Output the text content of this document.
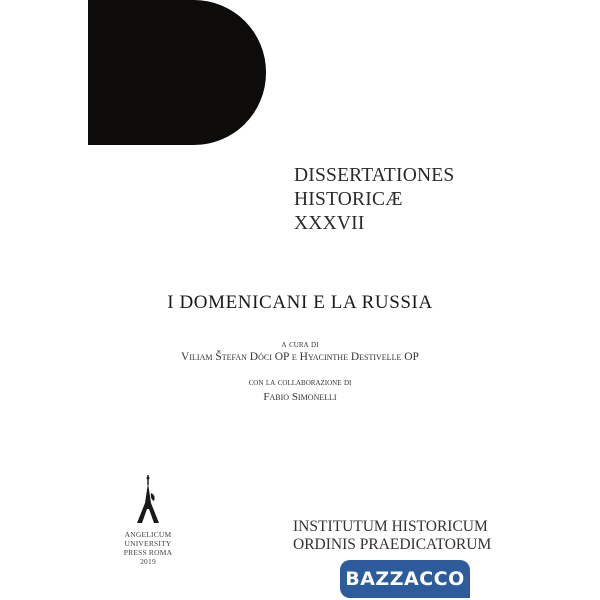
DISSERTATIONES
HISTORICÆ
XXXVII
I DOMENICANI E LA RUSSIA
a cura di
Viliam Štefan Dóci OP e Hyacinthe Destivelle OP
con la collaborazione di
Fabio Simonelli
ANGELICUM
UNIVERSITY
PRESS ROMA
2019
INSTITUTUM HISTORICUM
ORDINIS PRAEDICATORUM
BAZZACCO
